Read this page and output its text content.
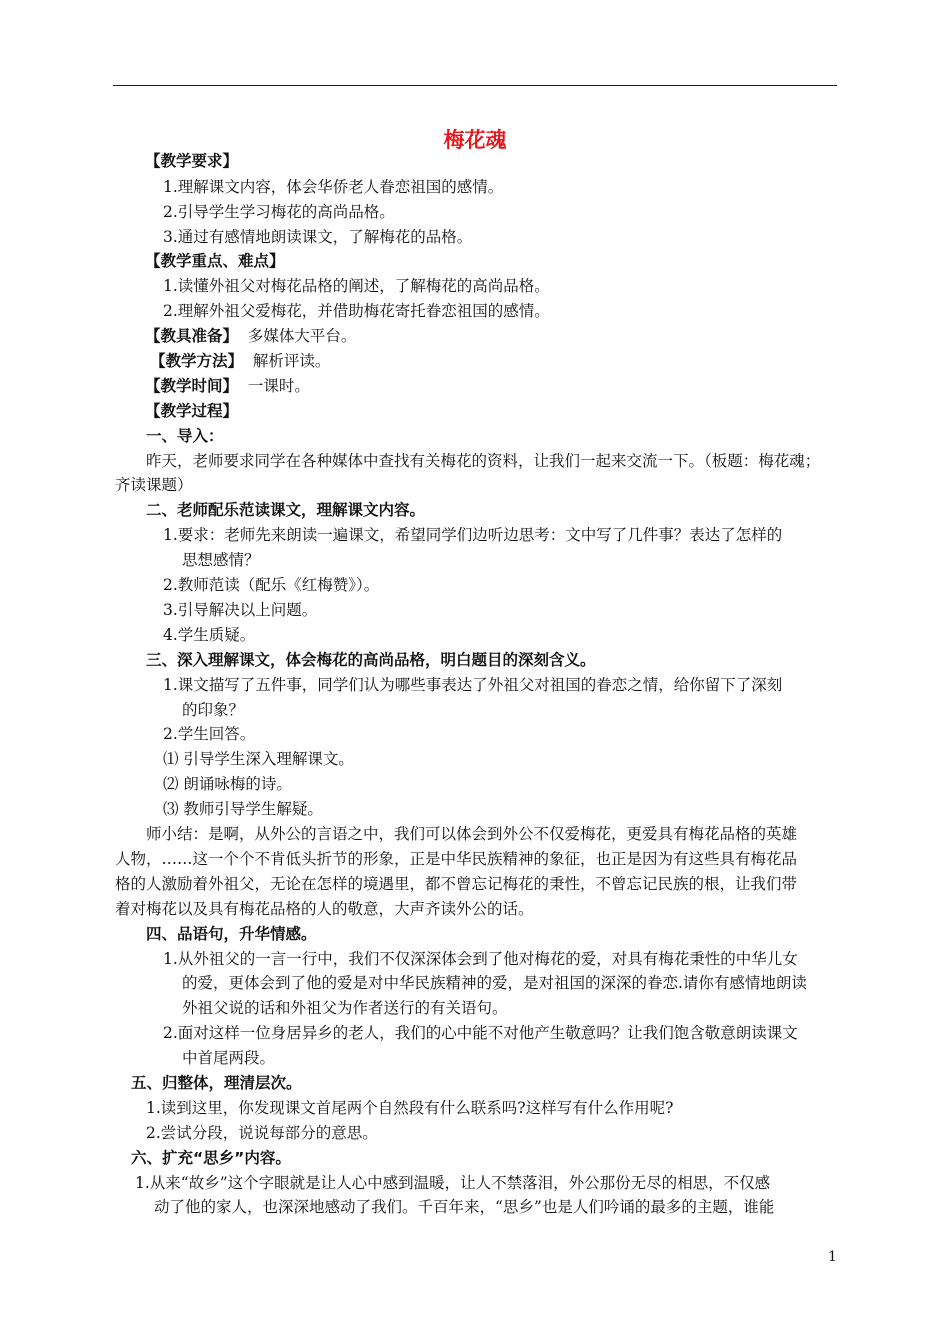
梅花魂
【教学要求】
1.理解课文内容，体会华侨老人眷恋祖国的感情。
2.引导学生学习梅花的高尚品格。
3.通过有感情地朗读课文，了解梅花的品格。
【教学重点、难点】
1.读懂外祖父对梅花品格的阐述，了解梅花的高尚品格。
2.理解外祖父爱梅花，并借助梅花寄托眷恋祖国的感情。
【教具准备】  多媒体大平台。
【教学方法】  解析评读。
【教学时间】  一课时。
【教学过程】
一、导入：
昨天，老师要求同学在各种媒体中查找有关梅花的资料，让我们一起来交流一下。（板题：梅花魂；
齐读课题）
二、老师配乐范读课文，理解课文内容。
1.要求：老师先来朗读一遍课文，希望同学们边听边思考：文中写了几件事？表达了怎样的
思想感情？
2.教师范读（配乐《红梅赞》）。
3.引导解决以上问题。
4.学生质疑。
三、深入理解课文，体会梅花的高尚品格，明白题目的深刻含义。
1.课文描写了五件事，同学们认为哪些事表达了外祖父对祖国的眷恋之情，给你留下了深刻
的印象？
2.学生回答。
⑴ 引导学生深入理解课文。
⑵ 朗诵咏梅的诗。
⑶ 教师引导学生解疑。
师小结：是啊，从外公的言语之中，我们可以体会到外公不仅爱梅花，更爱具有梅花品格的英雄
人物，……这一个个不肯低头折节的形象，正是中华民族精神的象征，也正是因为有这些具有梅花品
格的人激励着外祖父，无论在怎样的境遇里，都不曾忘记梅花的秉性，不曾忘记民族的根，让我们带
着对梅花以及具有梅花品格的人的敬意，大声齐读外公的话。
四、品语句，升华情感。
1.从外祖父的一言一行中，我们不仅深深体会到了他对梅花的爱，对具有梅花秉性的中华儿女
的爱，更体会到了他的爱是对中华民族精神的爱，是对祖国的深深的眷恋.请你有感情地朗读
外祖父说的话和外祖父为作者送行的有关语句。
2.面对这样一位身居异乡的老人，我们的心中能不对他产生敬意吗？让我们饱含敬意朗读课文
中首尾两段。
五、归整体，理清层次。
1.读到这里，你发现课文首尾两个自然段有什么联系吗?这样写有什么作用呢?
2.尝试分段，说说每部分的意思。
六、扩充“思乡”内容。
1.从来“故乡”这个字眼就是让人心中感到温暖，让人不禁落泪，外公那份无尽的相思，不仅感
动了他的家人，也深深地感动了我们。千百年来，“思乡”也是人们吟诵的最多的主题，谁能
1
